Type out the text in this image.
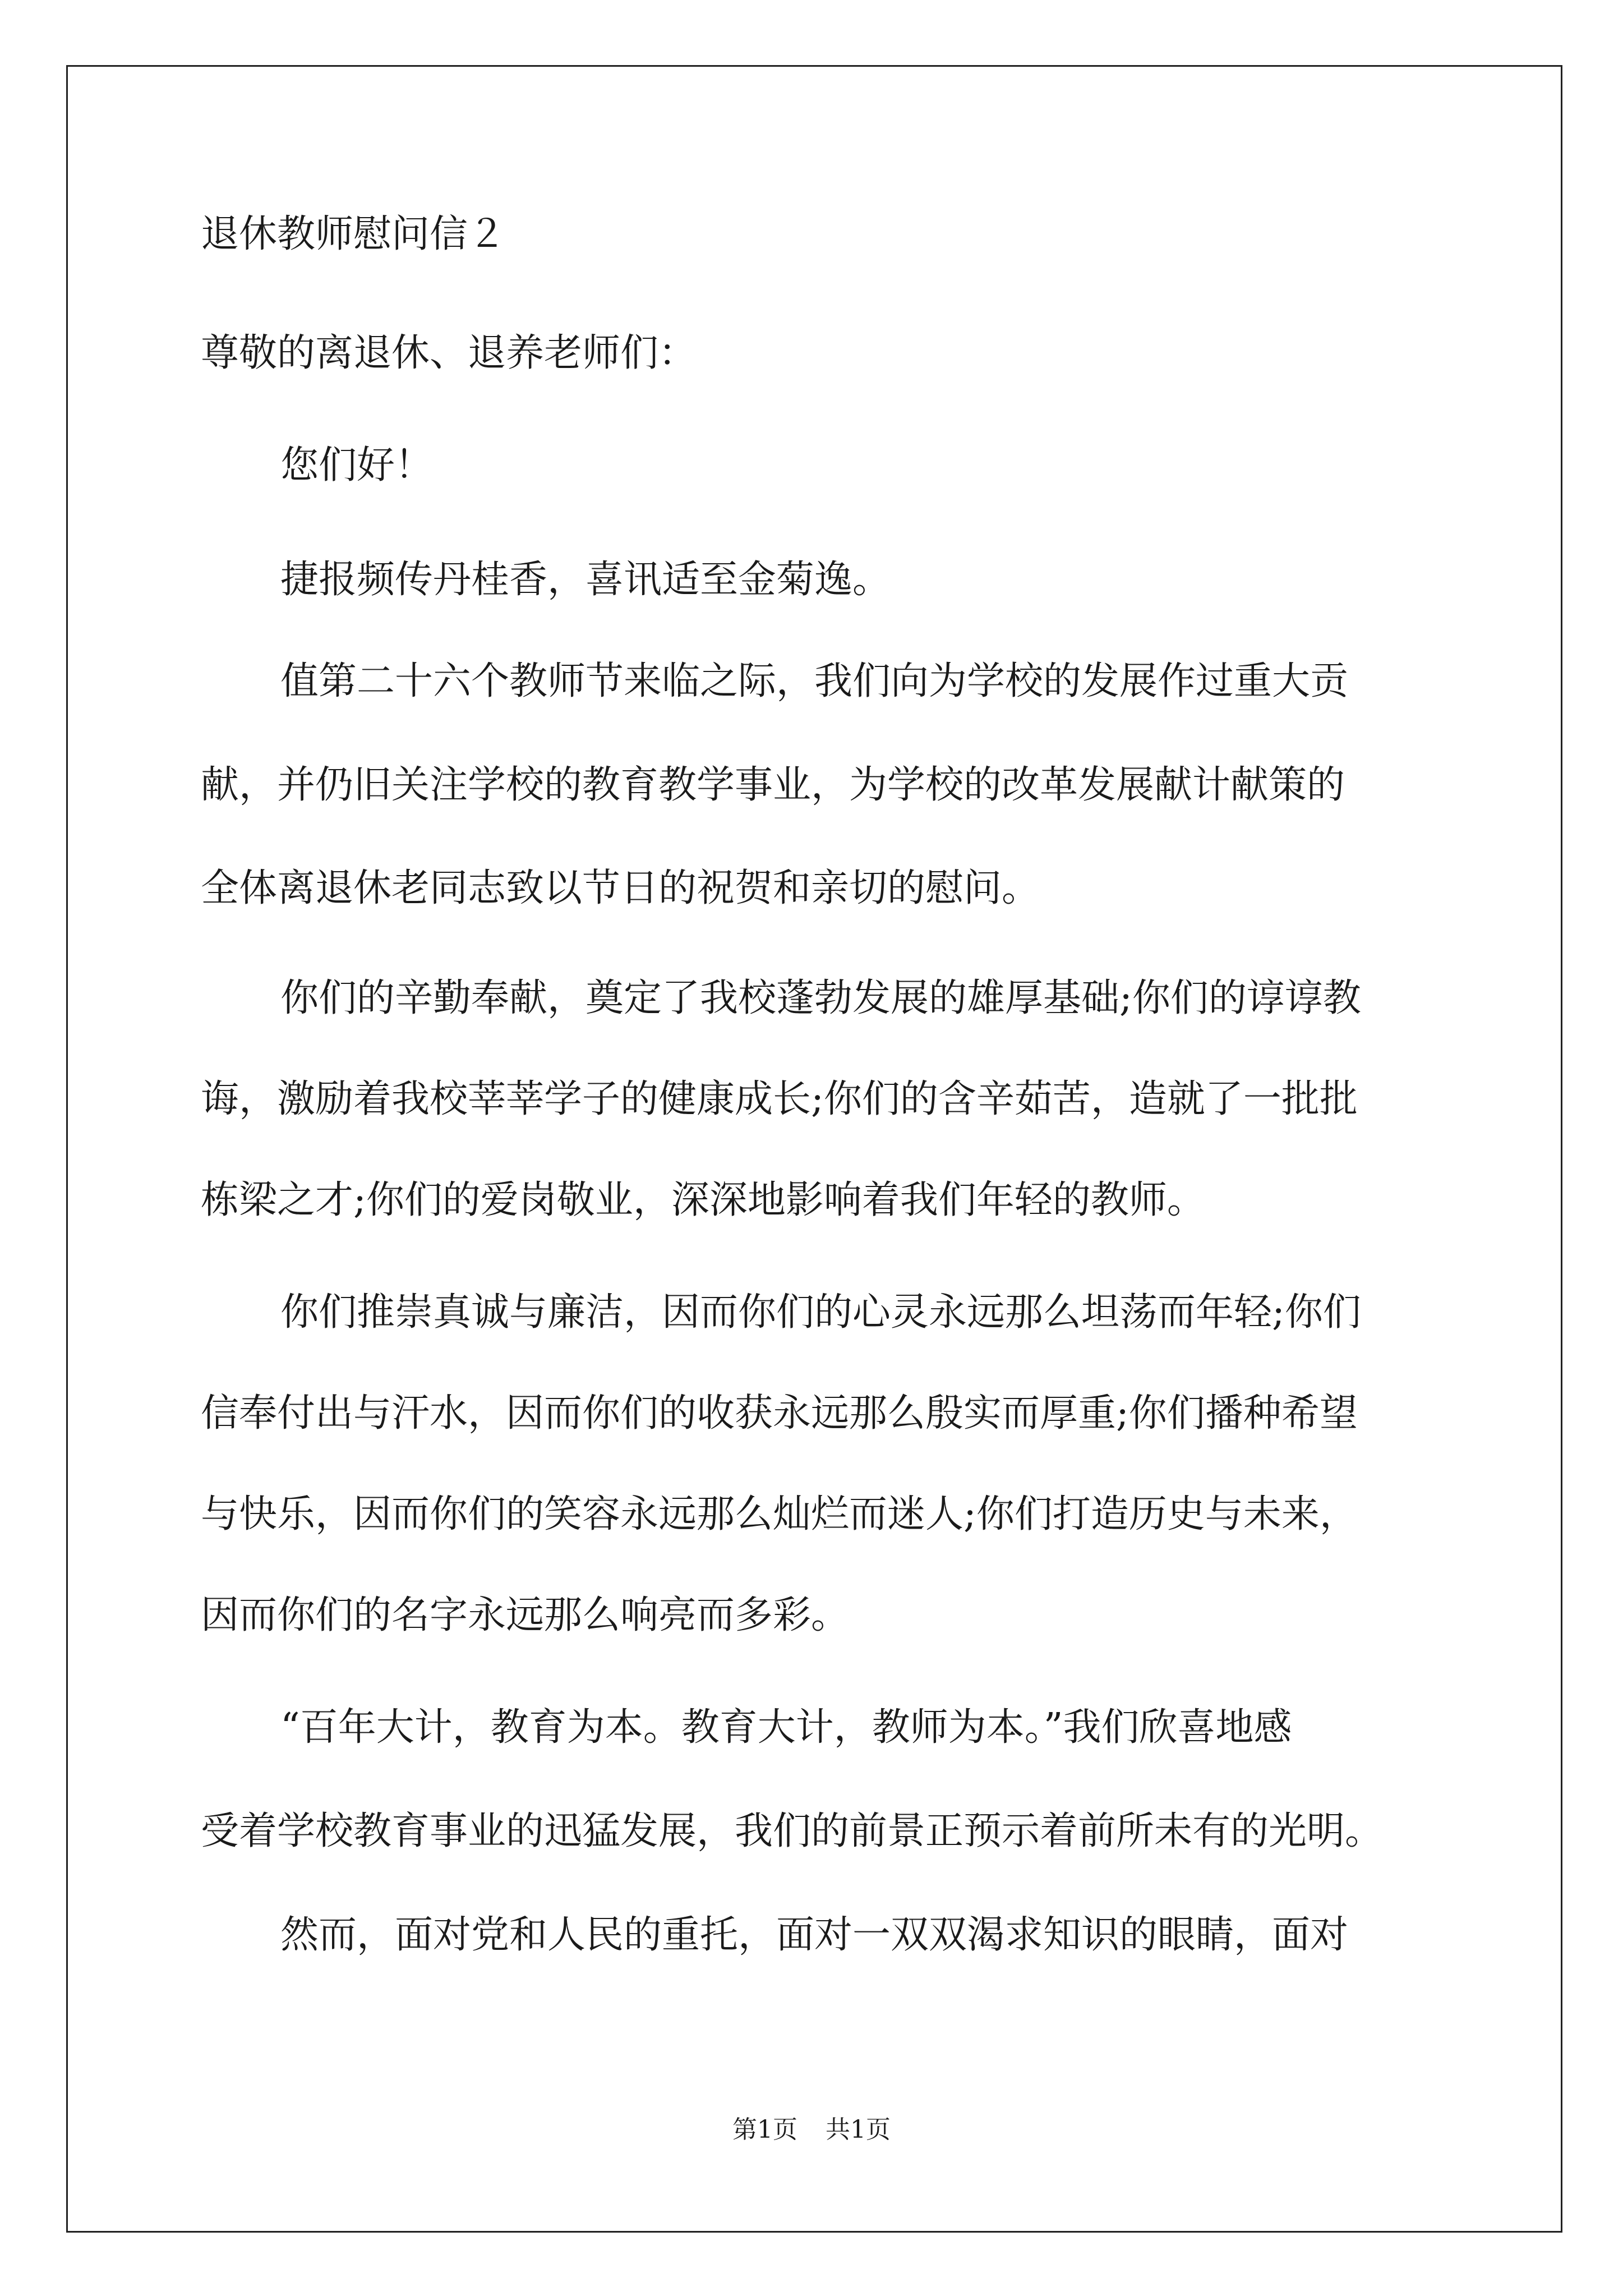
退休教师慰问信２
尊敬的离退休、退养老师们：
您们好！
捷报频传丹桂香，喜讯适至金菊逸。
值第二十六个教师节来临之际，我们向为学校的发展作过重大贡
献，并仍旧关注学校的教育教学事业，为学校的改革发展献计献策的
全体离退休老同志致以节日的祝贺和亲切的慰问。
你们的辛勤奉献，奠定了我校蓬勃发展的雄厚基础;你们的谆谆教
诲，激励着我校莘莘学子的健康成长;你们的含辛茹苦，造就了一批批
栋梁之才;你们的爱岗敬业，深深地影响着我们年轻的教师。
你们推崇真诚与廉洁，因而你们的心灵永远那么坦荡而年轻;你们
信奉付出与汗水，因而你们的收获永远那么殷实而厚重;你们播种希望
与快乐，因而你们的笑容永远那么灿烂而迷人;你们打造历史与未来，
因而你们的名字永远那么响亮而多彩。
“百年大计，教育为本。教育大计，教师为本。”我们欣喜地感
受着学校教育事业的迅猛发展，我们的前景正预示着前所未有的光明。
然而，面对党和人民的重托，面对一双双渴求知识的眼睛，面对
第1页 共1页
